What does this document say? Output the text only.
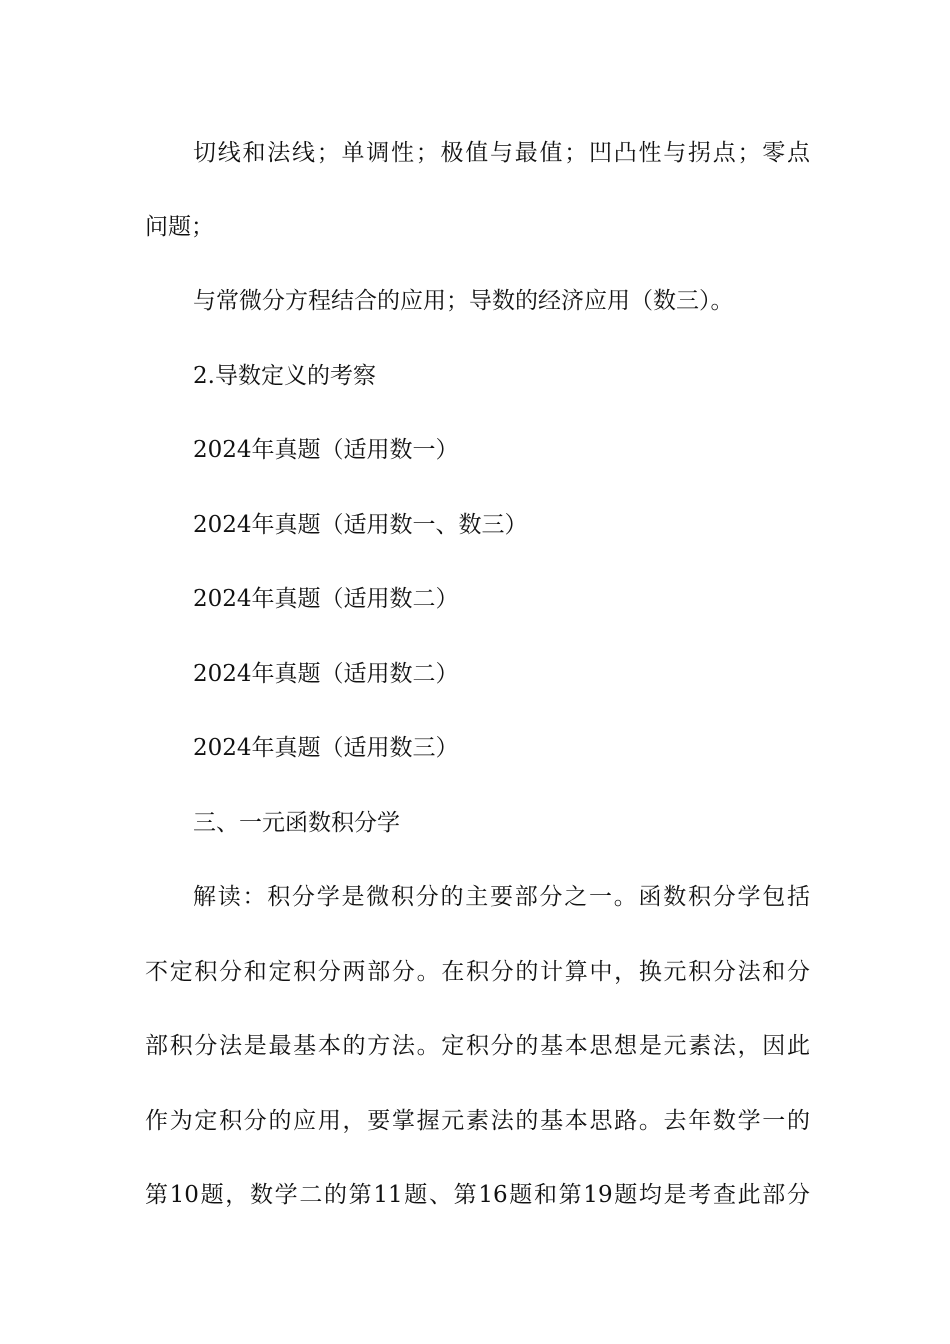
切线和法线；单调性；极值与最值；凹凸性与拐点；零点
问题；
与常微分方程结合的应用；导数的经济应用（数三）。
2.导数定义的考察
2024年真题（适用数一）
2024年真题（适用数一、数三）
2024年真题（适用数二）
2024年真题（适用数二）
2024年真题（适用数三）
三、一元函数积分学
解读：积分学是微积分的主要部分之一。函数积分学包括
不定积分和定积分两部分。在积分的计算中，换元积分法和分
部积分法是最基本的方法。定积分的基本思想是元素法，因此
作为定积分的应用，要掌握元素法的基本思路。去年数学一的
第10题，数学二的第11题、第16题和第19题均是考查此部分
